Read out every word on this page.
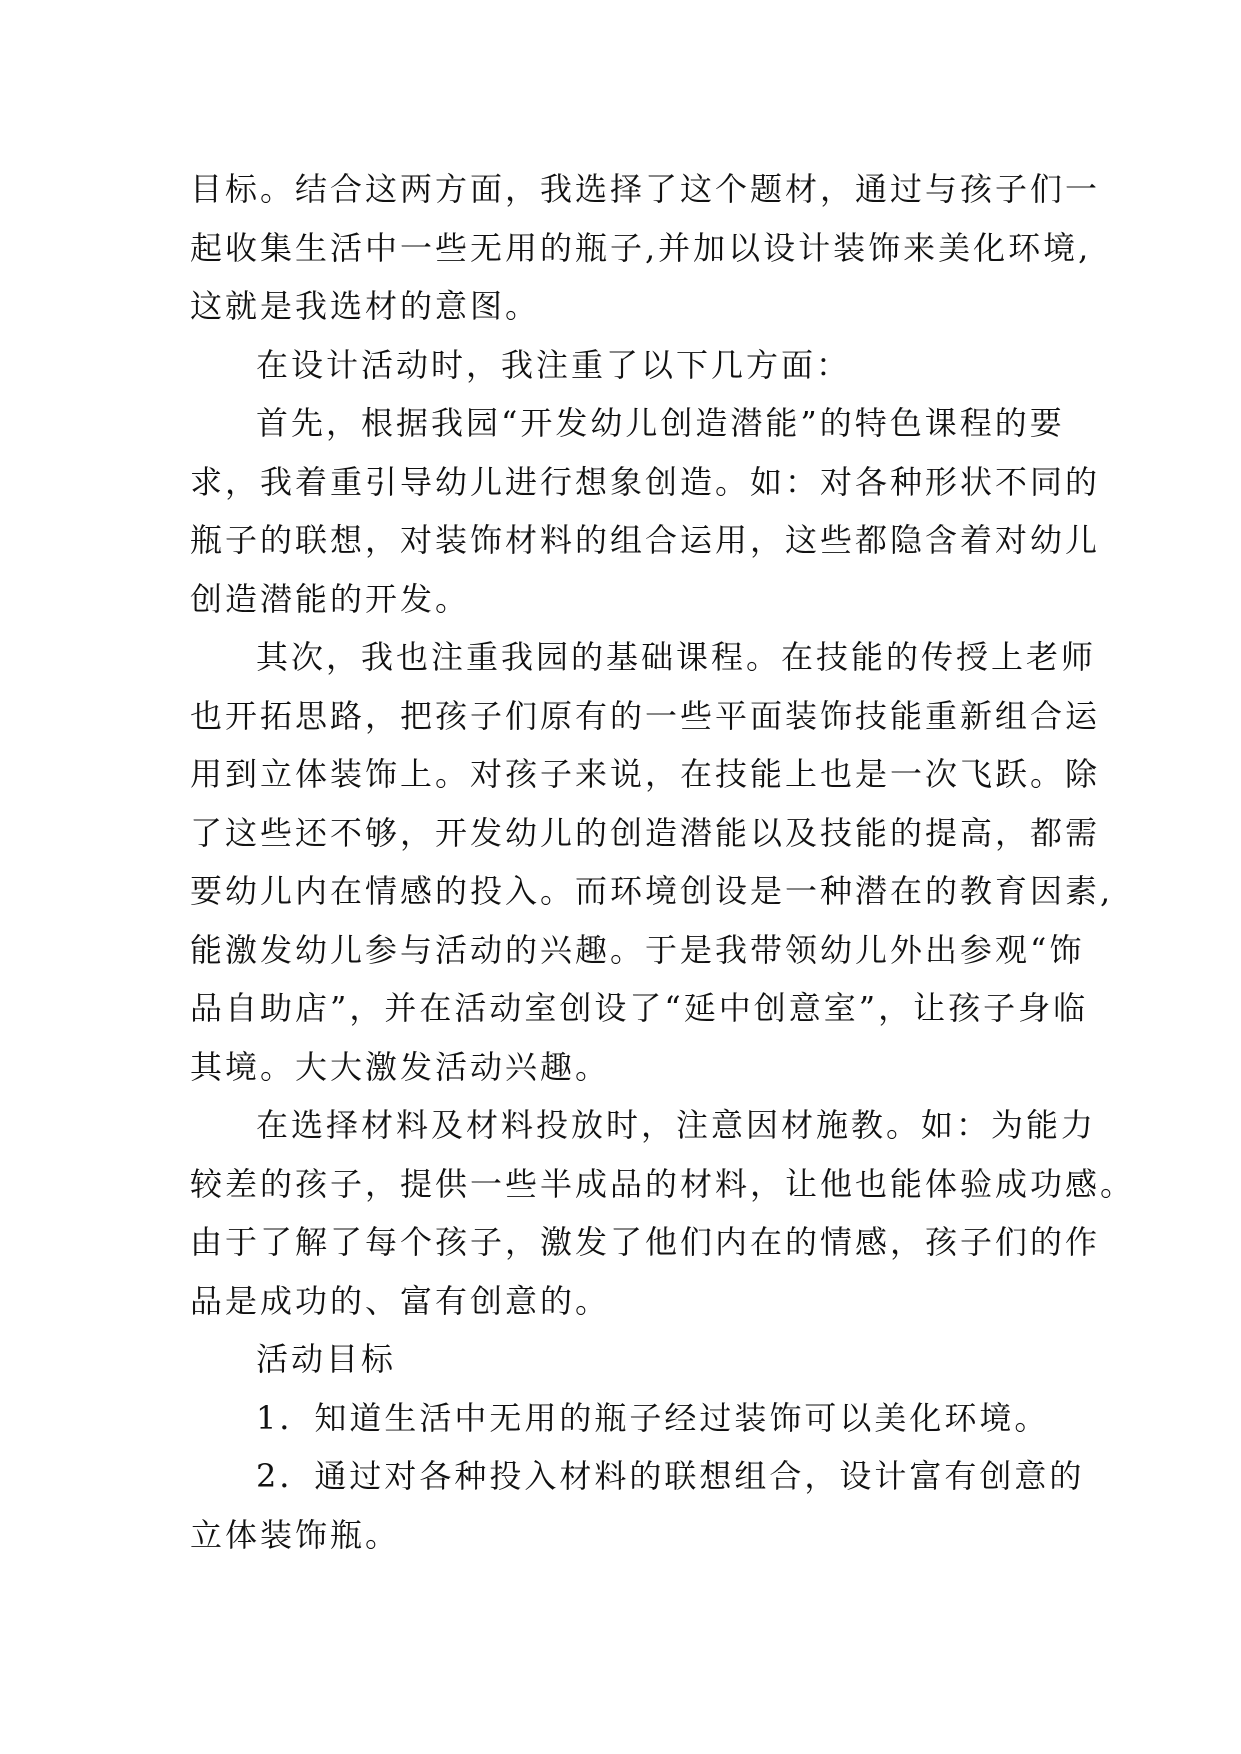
目标。结合这两方面，我选择了这个题材，通过与孩子们一
起收集生活中一些无用的瓶子,并加以设计装饰来美化环境,
这就是我选材的意图。
在设计活动时，我注重了以下几方面：
首先，根据我园“开发幼儿创造潜能”的特色课程的要
求，我着重引导幼儿进行想象创造。如：对各种形状不同的
瓶子的联想，对装饰材料的组合运用，这些都隐含着对幼儿
创造潜能的开发。
其次，我也注重我园的基础课程。在技能的传授上老师
也开拓思路，把孩子们原有的一些平面装饰技能重新组合运
用到立体装饰上。对孩子来说，在技能上也是一次飞跃。除
了这些还不够，开发幼儿的创造潜能以及技能的提高，都需
要幼儿内在情感的投入。而环境创设是一种潜在的教育因素,
能激发幼儿参与活动的兴趣。于是我带领幼儿外出参观“饰
品自助店”，并在活动室创设了“延中创意室”，让孩子身临
其境。大大激发活动兴趣。
在选择材料及材料投放时，注意因材施教。如：为能力
较差的孩子，提供一些半成品的材料，让他也能体验成功感。
由于了解了每个孩子，激发了他们内在的情感，孩子们的作
品是成功的、富有创意的。
活动目标
1．知道生活中无用的瓶子经过装饰可以美化环境。
2．通过对各种投入材料的联想组合，设计富有创意的
立体装饰瓶。
